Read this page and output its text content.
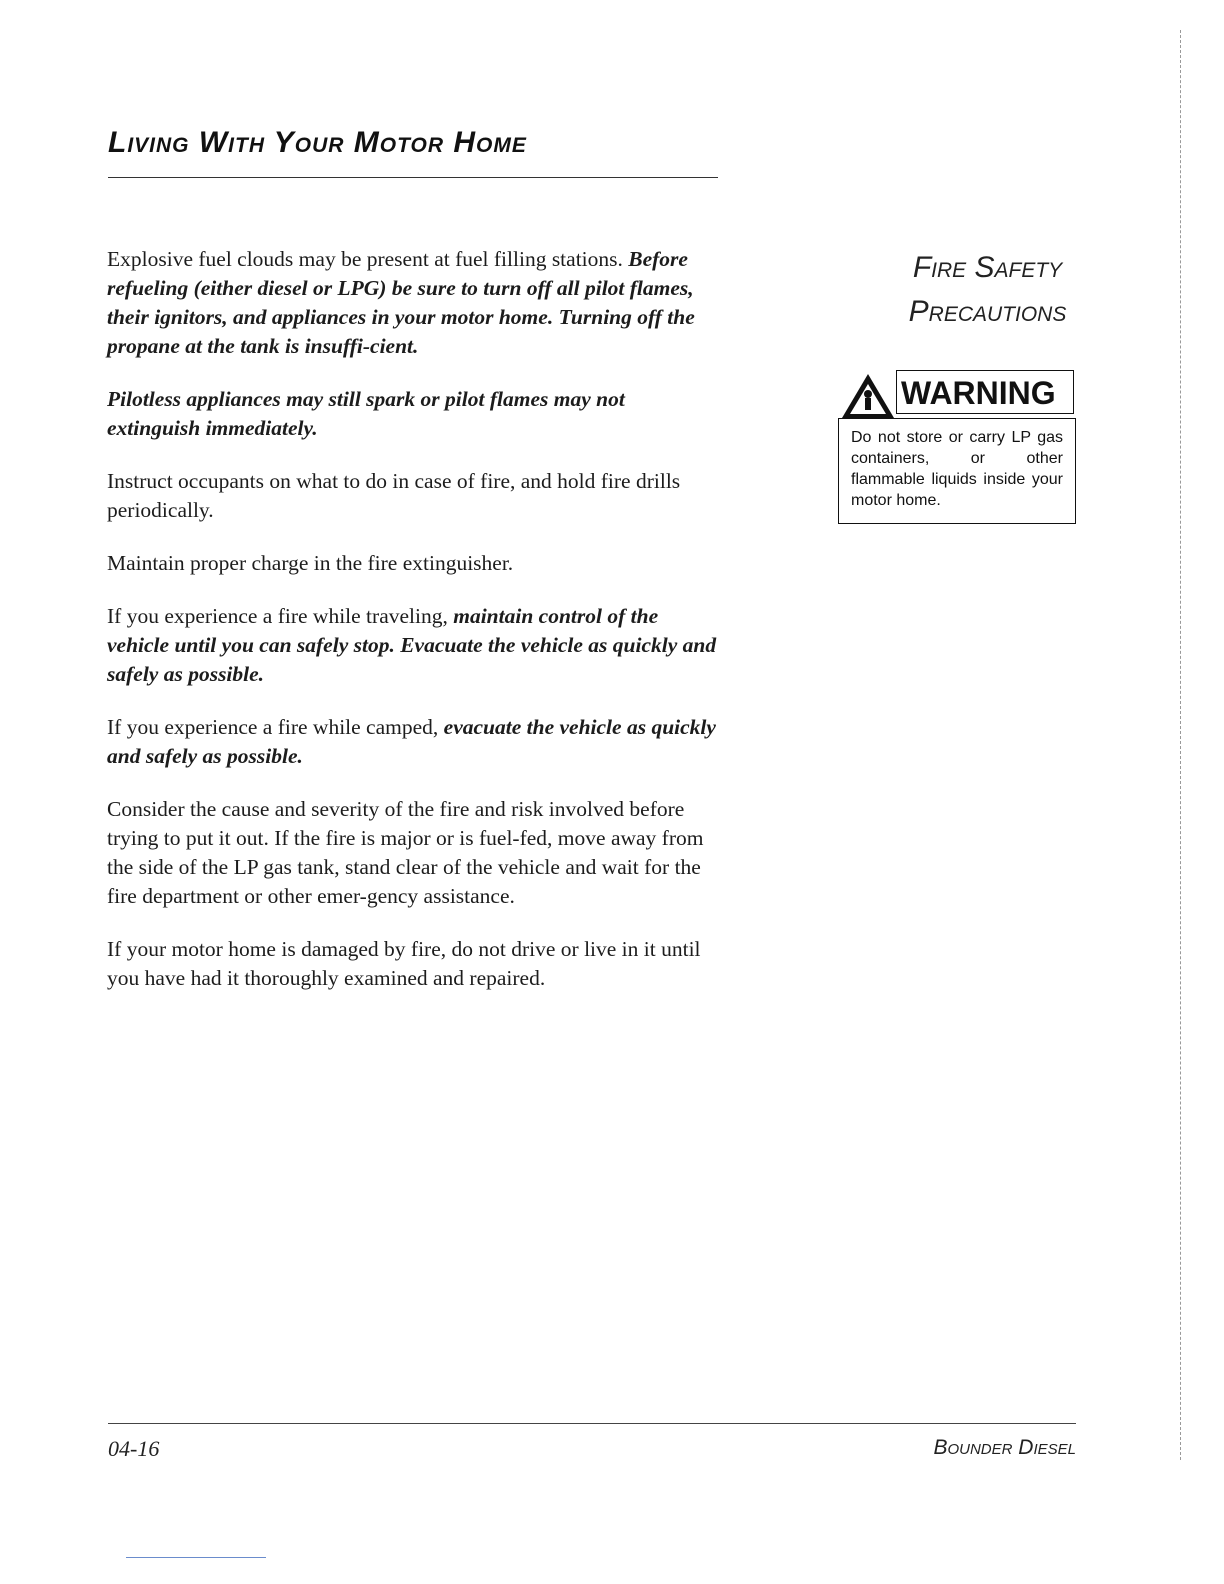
Living With Your Motor Home

Explosive fuel clouds may be present at fuel filling stations. Before refueling (either diesel or LPG) be sure to turn off all pilot flames, their ignitors, and appliances in your motor home. Turning off the propane at the tank is insuffi-cient.

Pilotless appliances may still spark or pilot flames may not extinguish immediately.

Instruct occupants on what to do in case of fire, and hold fire drills periodically.

Maintain proper charge in the fire extinguisher.

If you experience a fire while traveling, maintain control of the vehicle until you can safely stop. Evacuate the vehicle as quickly and safely as possible.

If you experience a fire while camped, evacuate the vehicle as quickly and safely as possible.

Consider the cause and severity of the fire and risk involved before trying to put it out. If the fire is major or is fuel-fed, move away from the side of the LP gas tank, stand clear of the vehicle and wait for the fire department or other emer-gency assistance.

If your motor home is damaged by fire, do not drive or live in it until you have had it thoroughly examined and repaired.

Fire Safety
Precautions
WARNING
Do not store or carry LP gas containers, or other flammable liquids inside your motor home.
04-16	Bounder Diesel
